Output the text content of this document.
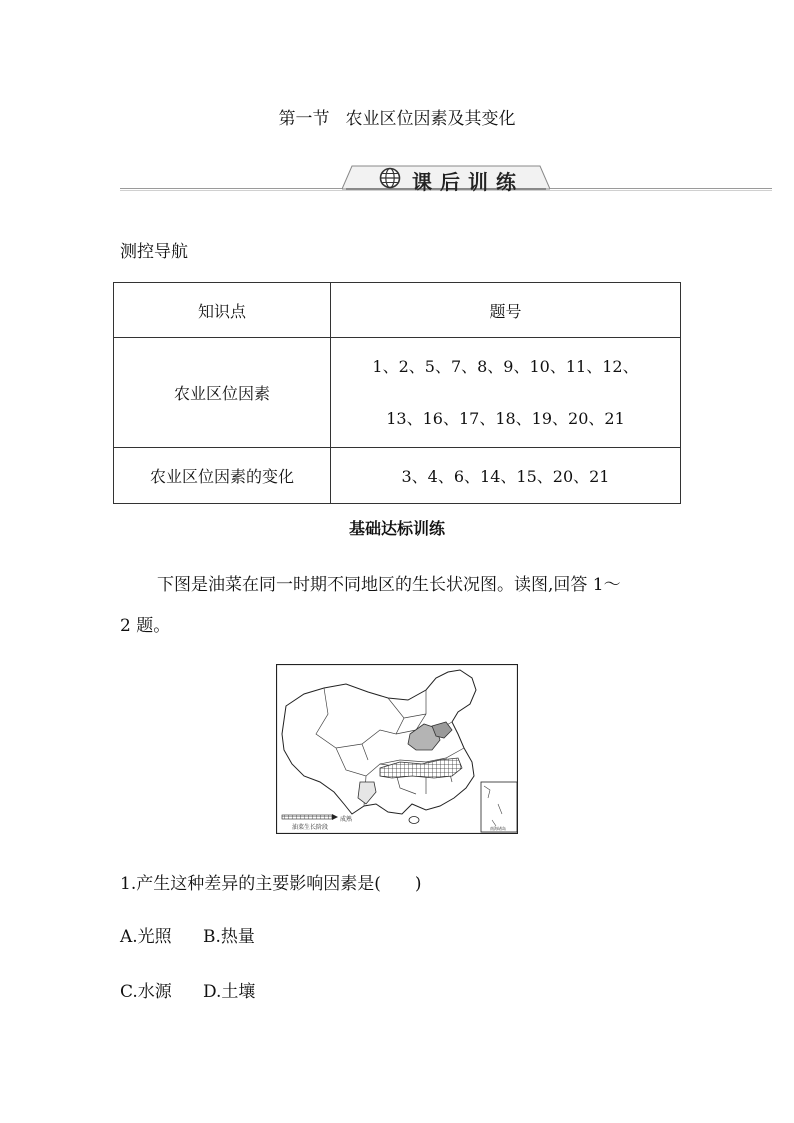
第一节 农业区位因素及其变化
课后训练
测控导航
知识点	题号
农业区位因素	1、2、5、7、8、9、10、11、12、
13、16、17、18、19、20、21

农业区位因素的变化	3、4、6、14、15、20、21
基础达标训练
下图是油菜在同一时期不同地区的生长状况图。读图,回答 1～
2 题。
成熟
油菜生长阶段	南海诸岛
1.产生这种差异的主要影响因素是(　　)
A.光照 B.热量
C.水源 D.土壤
